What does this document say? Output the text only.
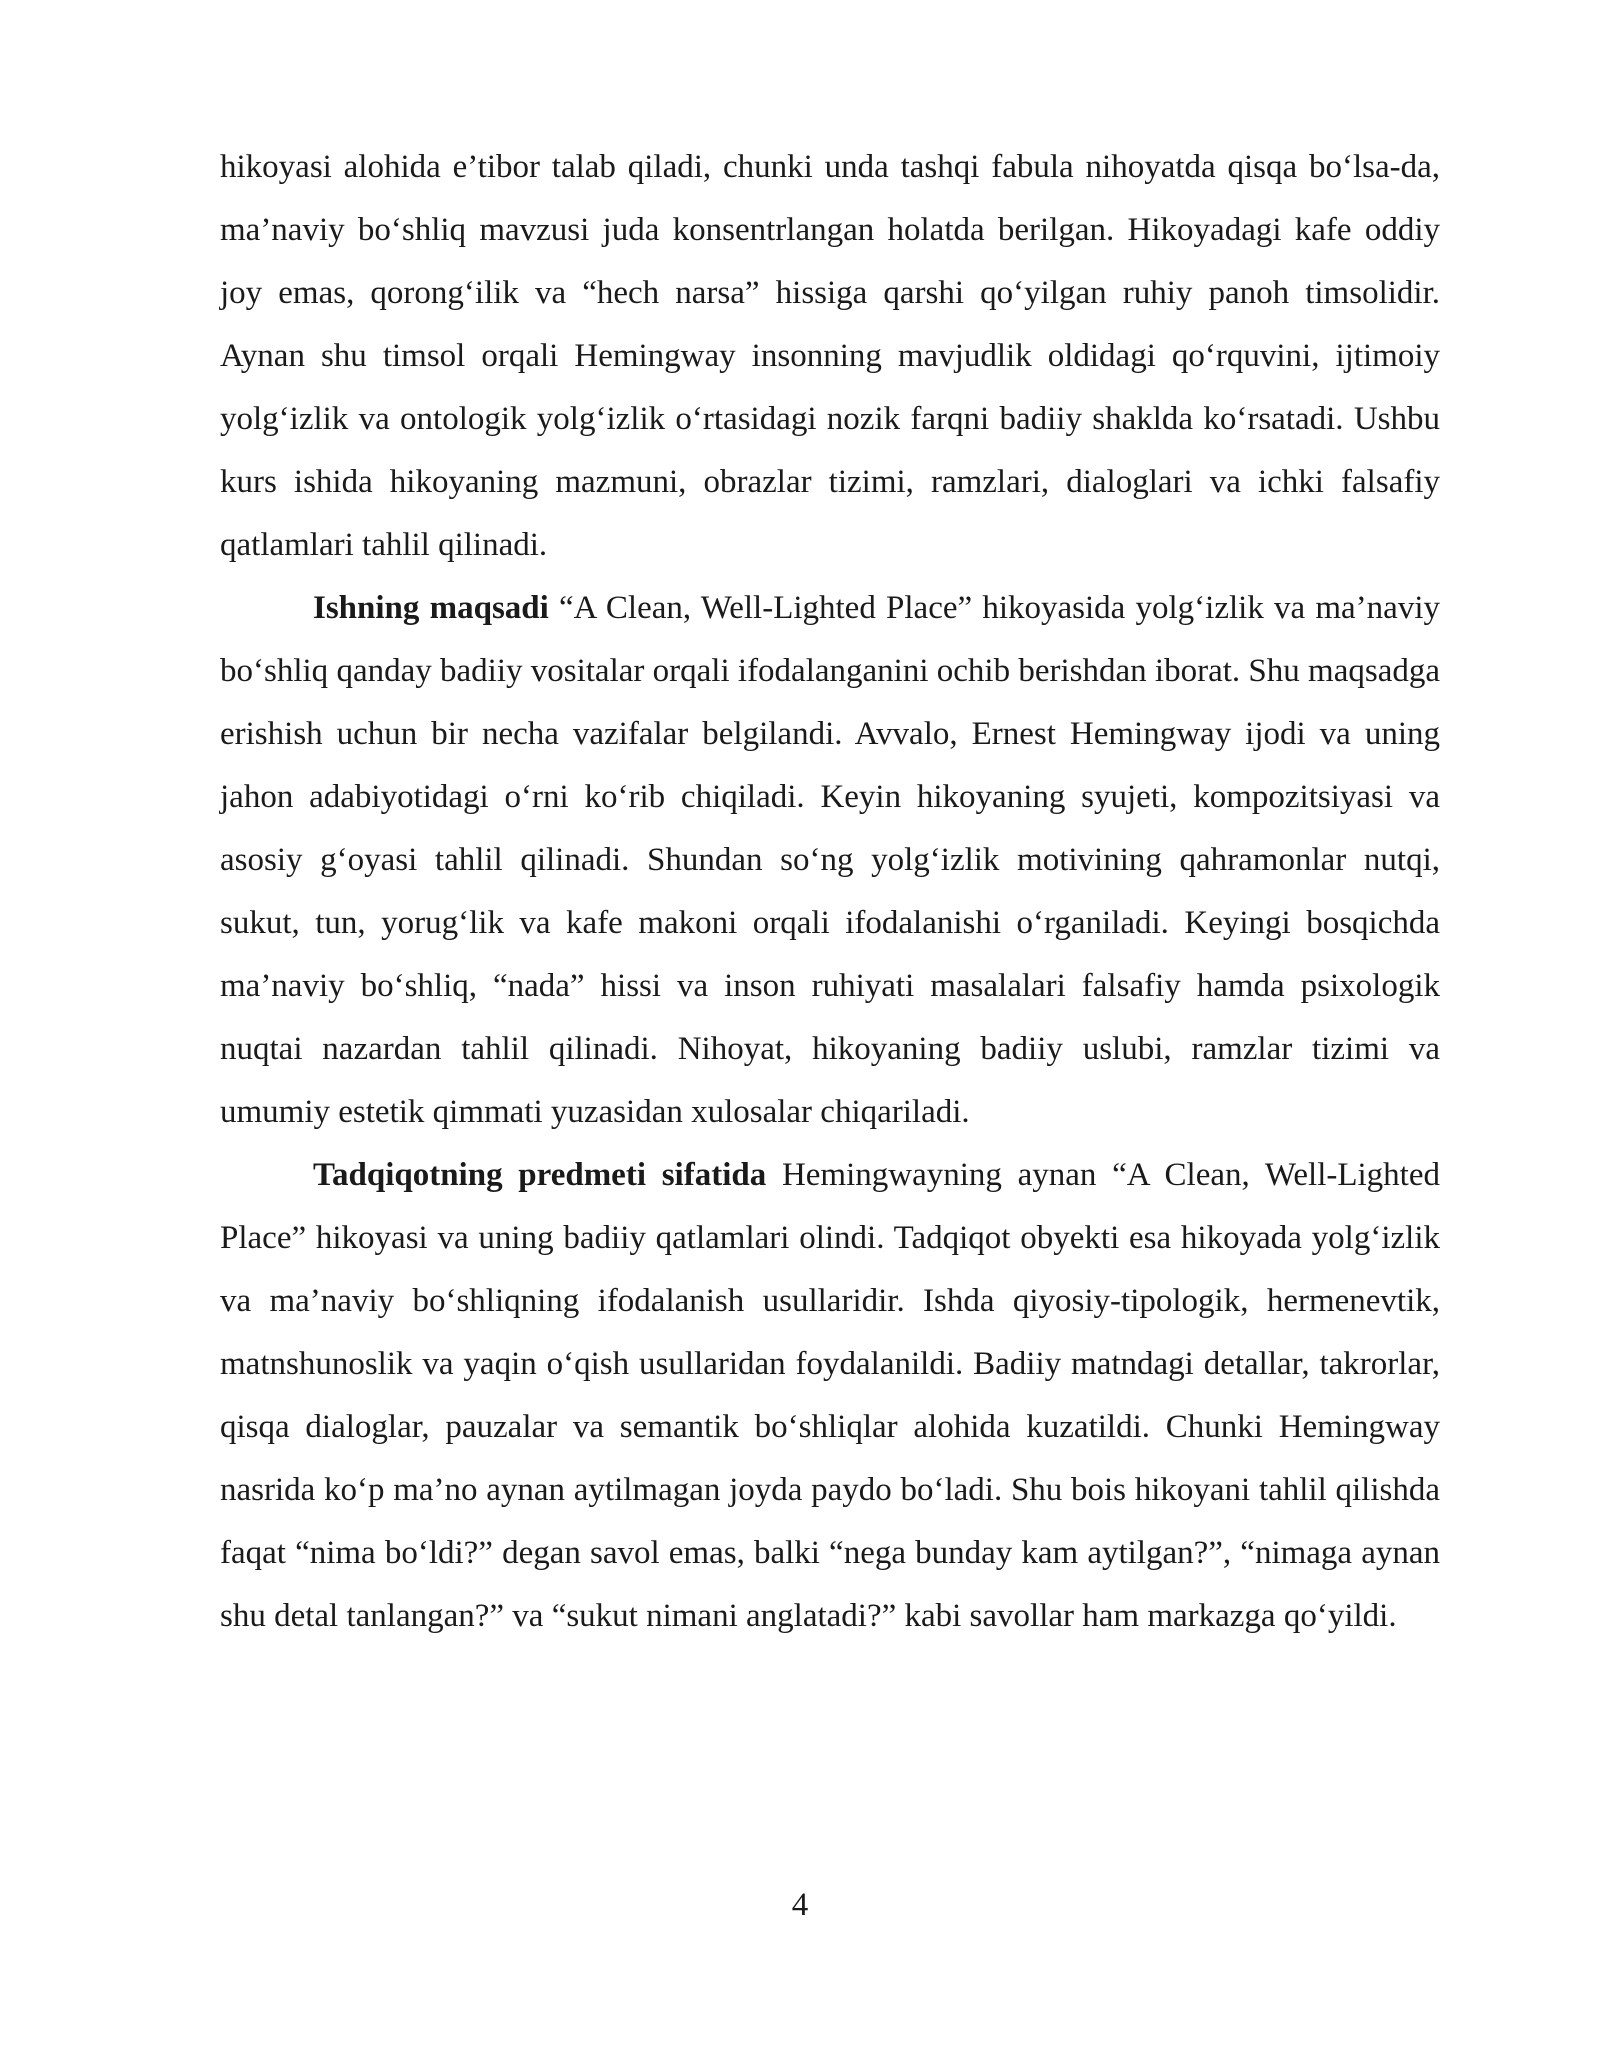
hikoyasi alohida e’tibor talab qiladi, chunki unda tashqi fabula nihoyatda qisqa bo‘lsa-da, ma’naviy bo‘shliq mavzusi juda konsentrlangan holatda berilgan. Hikoyadagi kafe oddiy joy emas, qorong‘ilik va “hech narsa” hissiga qarshi qo‘yilgan ruhiy panoh timsolidir. Aynan shu timsol orqali Hemingway insonning mavjudlik oldidagi qo‘rquvini, ijtimoiy yolg‘izlik va ontologik yolg‘izlik o‘rtasidagi nozik farqni badiiy shaklda ko‘rsatadi. Ushbu kurs ishida hikoyaning mazmuni, obrazlar tizimi, ramzlari, dialoglari va ichki falsafiy qatlamlari tahlil qilinadi.

Ishning maqsadi “A Clean, Well-Lighted Place” hikoyasida yolg‘izlik va ma’naviy bo‘shliq qanday badiiy vositalar orqali ifodalanganini ochib berishdan iborat. Shu maqsadga erishish uchun bir necha vazifalar belgilandi. Avvalo, Ernest Hemingway ijodi va uning jahon adabiyotidagi o‘rni ko‘rib chiqiladi. Keyin hikoyaning syujeti, kompozitsiyasi va asosiy g‘oyasi tahlil qilinadi. Shundan so‘ng yolg‘izlik motivining qahramonlar nutqi, sukut, tun, yorug‘lik va kafe makoni orqali ifodalanishi o‘rganiladi. Keyingi bosqichda ma’naviy bo‘shliq, “nada” hissi va inson ruhiyati masalalari falsafiy hamda psixologik nuqtai nazardan tahlil qilinadi. Nihoyat, hikoyaning badiiy uslubi, ramzlar tizimi va umumiy estetik qimmati yuzasidan xulosalar chiqariladi.

Tadqiqotning predmeti sifatida Hemingwayning aynan “A Clean, Well-Lighted Place” hikoyasi va uning badiiy qatlamlari olindi. Tadqiqot obyekti esa hikoyada yolg‘izlik va ma’naviy bo‘shliqning ifodalanish usullaridir. Ishda qiyosiy-tipologik, hermenevtik, matnshunoslik va yaqin o‘qish usullaridan foydalanildi. Badiiy matndagi detallar, takrorlar, qisqa dialoglar, pauzalar va semantik bo‘shliqlar alohida kuzatildi. Chunki Hemingway nasrida ko‘p ma’no aynan aytilmagan joyda paydo bo‘ladi. Shu bois hikoyani tahlil qilishda faqat “nima bo‘ldi?” degan savol emas, balki “nega bunday kam aytilgan?”, “nimaga aynan shu detal tanlangan?” va “sukut nimani anglatadi?” kabi savollar ham markazga qo‘yildi.

4
